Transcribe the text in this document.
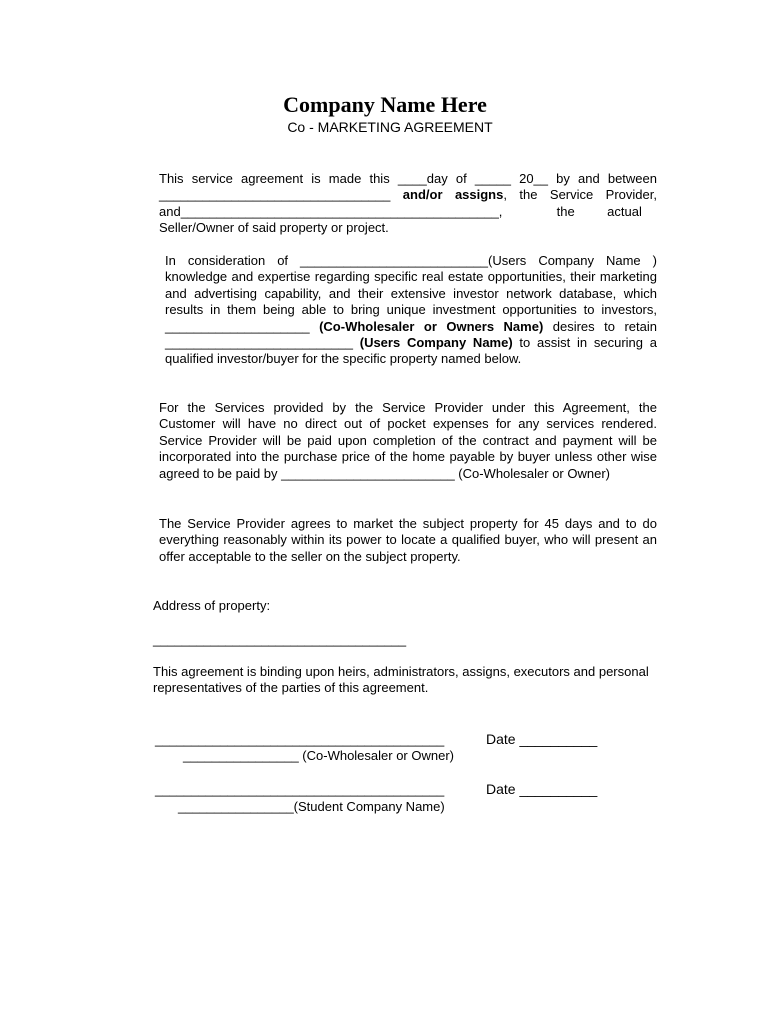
Company Name Here
Co - MARKETING AGREEMENT
This service agreement is made this ____day of _____ 20__ by and between
________________________________ and/or assigns, the Service Provider,
and____________________________________________,               the         actual
Seller/Owner of said property or project.

In consideration of __________________________(Users Company Name ) knowledge and expertise regarding specific real estate opportunities, their marketing and advertising capability, and their extensive investor network database, which results in them being able to bring unique investment opportunities to investors, ____________________ (Co-Wholesaler or Owners Name) desires to retain __________________________ (Users Company Name) to assist in securing a qualified investor/buyer for the specific property named below.

For the Services provided by the Service Provider under this Agreement, the Customer will have no direct out of pocket expenses for any services rendered. Service Provider will be paid upon completion of the contract and payment will be incorporated into the purchase price of the home payable by buyer unless other wise agreed to be paid by ________________________ (Co-Wholesaler or Owner)

The Service Provider agrees to market the subject property for 45 days and to do everything reasonably within its power to locate a qualified buyer, who will present an offer acceptable to the seller on the subject property.

Address of property:
___________________________________

This agreement is binding upon heirs, administrators, assigns, executors and personal representatives of the parties of this agreement.

________________________________________	Date __________
________________ (Co-Wholesaler or Owner)
________________________________________	Date __________
________________(Student Company Name)
